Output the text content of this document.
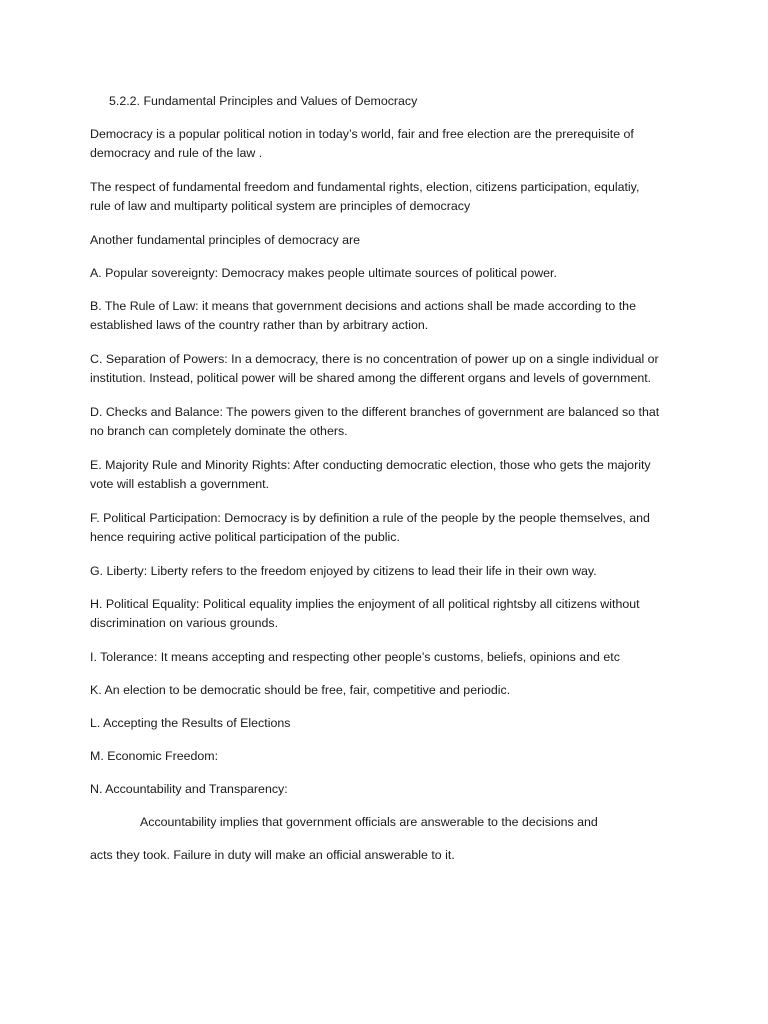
5.2.2. Fundamental Principles and Values of Democracy
Democracy is a popular political notion in today’s world, fair and free election are the prerequisite of
democracy and rule of the law .
The respect of fundamental freedom and fundamental rights, election, citizens participation, equlatiy,
rule of law and multiparty political system are principles of democracy
Another fundamental principles of democracy are
A. Popular sovereignty: Democracy makes people ultimate sources of political power.
B. The Rule of Law: it means that government decisions and actions shall be made according to the
established laws of the country rather than by arbitrary action.
C. Separation of Powers: In a democracy, there is no concentration of power up on a single individual or
institution. Instead, political power will be shared among the different organs and levels of government.
D. Checks and Balance: The powers given to the different branches of government are balanced so that
no branch can completely dominate the others.
E. Majority Rule and Minority Rights: After conducting democratic election, those who gets the majority
vote will establish a government.
F. Political Participation: Democracy is by definition a rule of the people by the people themselves, and
hence requiring active political participation of the public.
G. Liberty: Liberty refers to the freedom enjoyed by citizens to lead their life in their own way.
H. Political Equality: Political equality implies the enjoyment of all political rightsby all citizens without
discrimination on various grounds.
I. Tolerance: It means accepting and respecting other people’s customs, beliefs, opinions and etc
K. An election to be democratic should be free, fair, competitive and periodic.
L. Accepting the Results of Elections
M. Economic Freedom:
N. Accountability and Transparency:
Accountability implies that government officials are answerable to the decisions and
acts they took. Failure in duty will make an official answerable to it.
